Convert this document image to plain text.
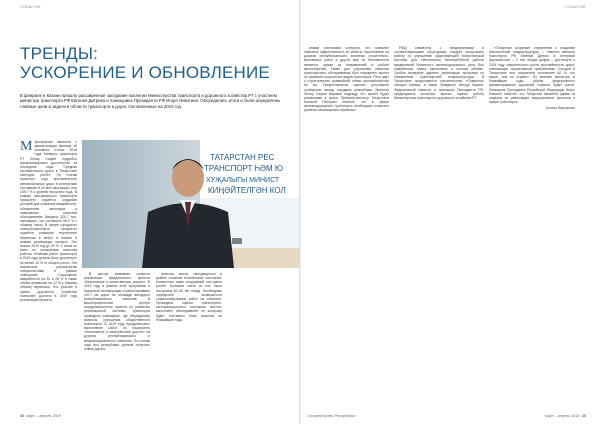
СОБЫТИЕ
ТРЕНДЫ:
УСКОРЕНИЕ И ОБНОВЛЕНИЕ
В феврале в Казани прошло расширенное заседание коллегии Министерства транспорта и дорожного хозяйства РТ с участием министра транспорта РФ Евгения Дитриха и помощника Президента РФ Игоря Левитина. Обсуждались итоги и были определены главные цели и задачи в области транспорта и дорог, поставленные на 2019 год.
М ероприятие началось с демонстрации фильма об основных итогах 2018 года. Министр транспорта РТ Ленар Сафин подробно проанализировал достигнутое за последние годы. Средняя протяжённость дорог в Татарстане ежегодно растёт. По итогам прошлого года протяжённость автомобильных дорог в республике составляет 6,43 млн пассажиро, или 105,7 % к уровню прошлого года. В рамках пассажирского транспорта приоритет отдаётся созданию условий для снижения аварийности, обновлению автопарка и повышению качества обслуживания. Введено 326,7 тыс. пассажиро, что составило 98,3 % к общему числу. В сфере городского электротранспорта приоритет отдаётся развитию внутренних перевозок в метро в Казани в рамках реализации проекта. Это значит 2019 год до 25 %. С июля по июнь по повышению качества работы, объёмам работ транспорта в 2019 году должно быть достигнуто не менее 10 % от общего роста. Эти показатели рассмотрены специалистами в рамках совещания. Сокращение аварийности на 32 и 28 % а также объём перевозки на 12 % к общему объёму перевозок. Это участие в сфере дорожного хозяйства позволяет достичь в 2019 году реализации проекта.

ТАТАРСТАН РЕС
ТРАНСПОРТ ҺӘМ Ю
ХУҖАЛЫГЫ МИНИСТ
КИҢӘЙТЕЛГӘН КОЛ

В центре внимания остается реализация федерального проекта «Безопасные и качественные дороги». В 2018 году в рамках этой программы в Казанской агломерации отремонтировано 110,7 км дорог на площади автодорог республиканского значения. В многопрофильном центре координационного проекта по развитию региональной системы транспорта проведено совещание, где обсуждались вопросы улучшения общественного транспорта. В 2019 году предусмотрено выполнение работ по нацпроекту «Безопасные и качественные дороги» на дорогах республиканского и межмуниципального значения. По итогам года вся республика должна получить новые дороги.

ремонта моста, находящегося в крайне сложном техническом состоянии. Количество таких сооружений постоянно растёт. Большая часть из них была построена 40–50 лет назад. Необходимо определить возможности софинансирования работ на объектах. Проведена оценка транспортно-эксплуатационного состояния мостов, выполнено обследование, по которому будет составлен план ремонта на ближайшие годы.

46 март – апрель 2019
СОБЫТИЕ

иными системами контроля, что позволит повысить эффективность их работы. Выполнение на дорогах республиканского значения строительно-монтажных работ и других мер по безопасности является одним из направлений в работе министерства. Также для улучшения качества транспортного обслуживания был определён проект по развитию скоростных видов транспорта. Речь идёт о строительстве трамвайной линии протяжённостью 50 км. Предполагается сделать регулярное сообщение между городами республики. Министр Ленар Сафин выразил надежду, что проект будет реализован в сроки. Премьер-министр Татарстана Алексей Песошин отметил, что в сфере железнодорожного транспорта необходимо повысить уровень пассажирских перевозок.

РЖД совместно с предприятиями и соответствующими структурами следует продолжить работу по улучшению существующей логистической системы для обеспечения бесперебойной работы предприятий Казанского железнодорожного узла. Все намеченные планы выполнены в полном объёме. Особое внимание уделено реализации программ по обновлению транспортной инфраструктуры. В Татарстане продолжается строительство «Северного обхода» Казани, а также Западного обхода Казани. Федеральный министр и помощник Президента РФ, председатель коллегии, высоко оценил работу Министерства транспорта и дорожного хозяйства РТ.

«Татарстан сохраняет стремление к созданию значительной инфраструктуры, – отметил министр транспорта РФ Евгений Дитрих в интервью журналистам. – У нас общая цифра – достигнуть к 2024 году значительного роста протяжённости дорог, отвечающих нормативным требованиям. Сегодня в Татарстане этот показатель составляет 60 %, что выше, чем по стране». По мнению министра, в ближайшие годы объём федерального финансирования дорожной отрасли будет расти. Помощник Президента Российской Федерации Игорь Левитин отметил, что Татарстан является одним из лидеров по реализации национальных проектов в сфере транспорта.

Оксана Варганова
Строительство Республики	март – апрель 2019 45
